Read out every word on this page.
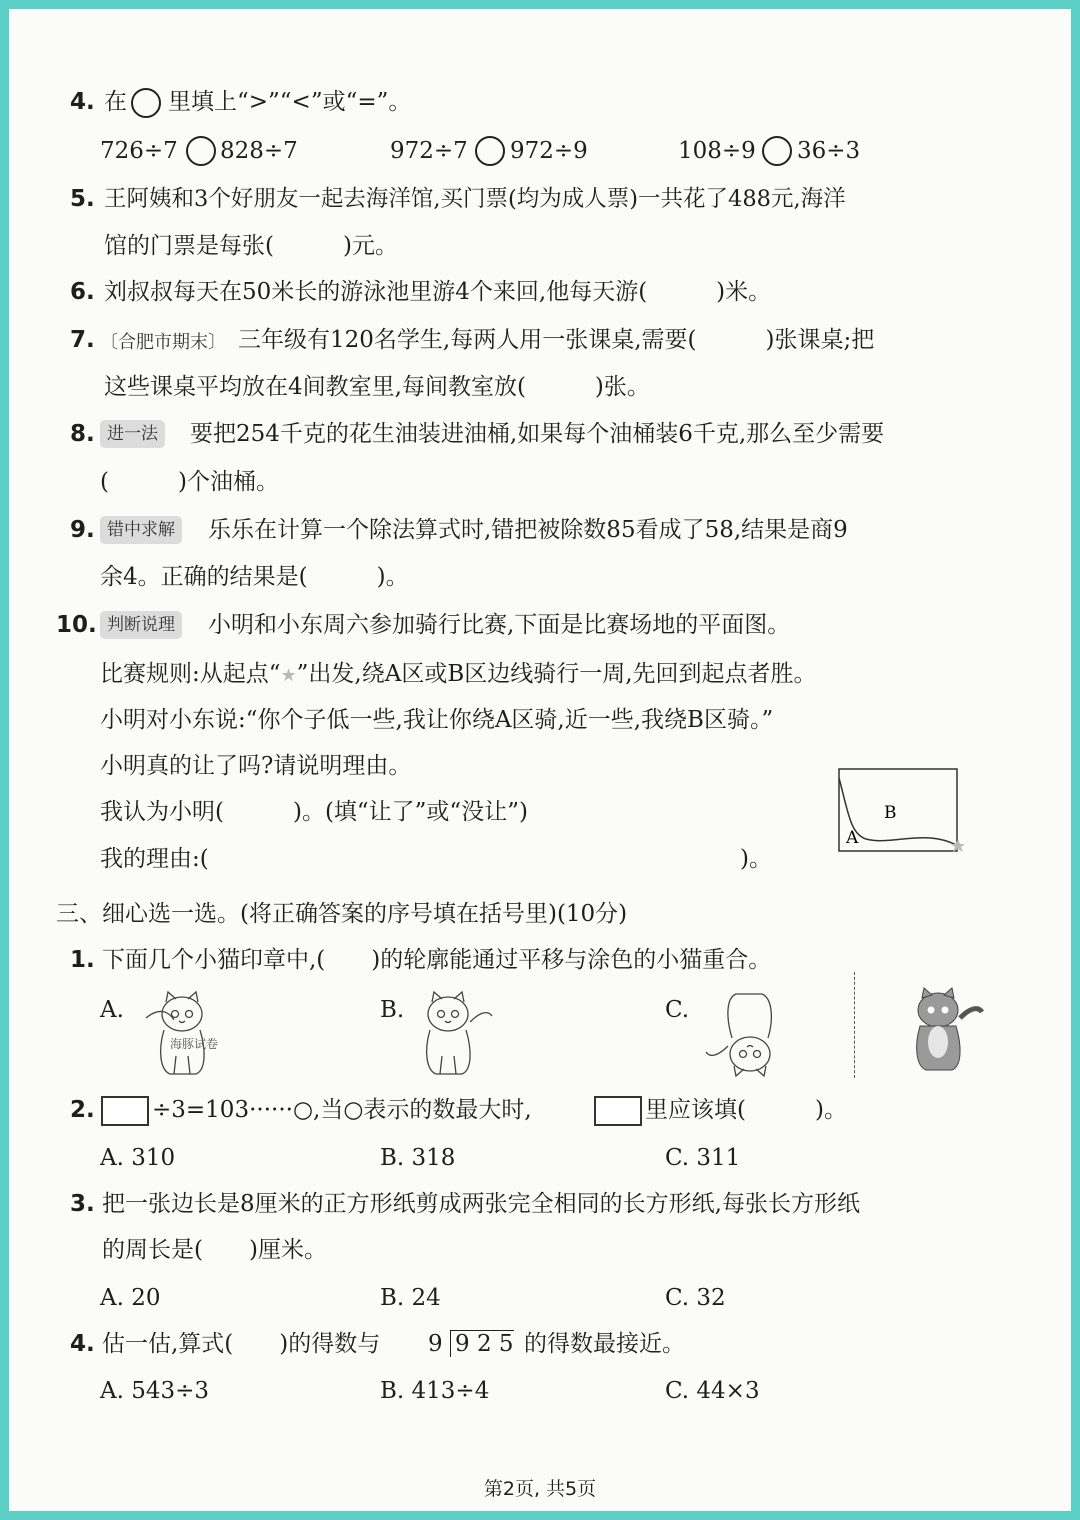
4. 在 里填上“>”“<”或“=”。
726÷7 828÷7	972÷7 972÷9	108÷9 36÷3
5. 王阿姨和3个好朋友一起去海洋馆,买门票(均为成人票)一共花了488元,海洋
馆的门票是每张(　　　)元。
6. 刘叔叔每天在50米长的游泳池里游4个来回,他每天游(　　　)米。
7. 〔合肥市期末〕 三年级有120名学生,每两人用一张课桌,需要(　　　)张课桌;把
这些课桌平均放在4间教室里,每间教室放(　　　)张。
8. 进一法	要把254千克的花生油装进油桶,如果每个油桶装6千克,那么至少需要
(　　　)个油桶。
9. 错中求解	乐乐在计算一个除法算式时,错把被除数85看成了58,结果是商9
余4。正确的结果是(　　　)。
10. 判断说理	小明和小东周六参加骑行比赛,下面是比赛场地的平面图。
比赛规则:从起点“★”出发,绕A区或B区边线骑行一周,先回到起点者胜。
小明对小东说:“你个子低一些,我让你绕A区骑,近一些,我绕B区骑。”
小明真的让了吗?请说明理由。
我认为小明(　　　)。(填“让了”或“没让”)
我的理由:(	)。
A
B
三、细心选一选。(将正确答案的序号填在括号里)(10分)
1. 下面几个小猫印章中,(　　)的轮廓能通过平移与涂色的小猫重合。
A.	B.	C.
海豚试卷
2. ÷3=103······○,当○表示的数最大时,	里应该填(　　　)。
A. 310	B. 318	C. 311
3. 把一张边长是8厘米的正方形纸剪成两张完全相同的长方形纸,每张长方形纸
的周长是(　　)厘米。
A. 20	B. 24	C. 32
4. 估一估,算式(　　)的得数与 9 9 2 5 的得数最接近。
A. 543÷3	B. 413÷4	C. 44×3
第2页, 共5页
